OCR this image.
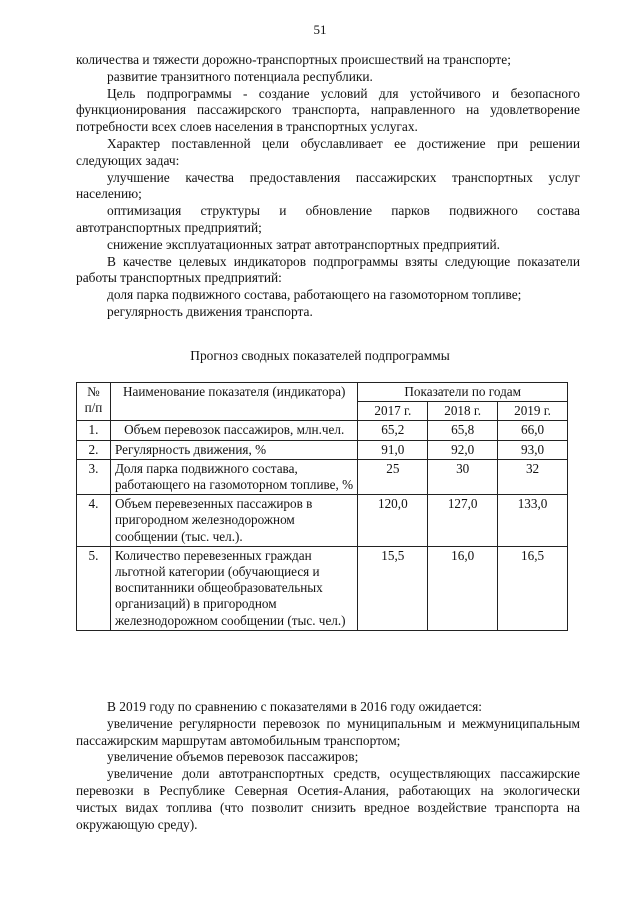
51

количества и тяжести дорожно-транспортных происшествий на транспорте;

развитие транзитного потенциала республики.

Цель подпрограммы - создание условий для устойчивого и безопасного функционирования пассажирского транспорта, направленного на удовлетворение потребности всех слоев населения в транспортных услугах.

Характер поставленной цели обуславливает ее достижение при решении следующих задач:

улучшение качества предоставления пассажирских транспортных услуг населению;

оптимизация структуры и обновление парков подвижного состава автотранспортных предприятий;

снижение эксплуатационных затрат автотранспортных предприятий.

В качестве целевых индикаторов подпрограммы взяты следующие показатели работы транспортных предприятий:

доля парка подвижного состава, работающего на газомоторном топливе;

регулярность движения транспорта.

Прогноз сводных показателей подпрограммы
№ п/п	Наименование показателя (индикатора)	Показатели по годам		
		2017 г.	2018 г.	2019 г.
1.	Объем перевозок пассажиров, млн.чел.	65,2	65,8	66,0
2.	Регулярность движения, %	91,0	92,0	93,0
3.	Доля парка подвижного состава, работающего на газомоторном топливе, %	25	30	32
4.	Объем перевезенных пассажиров в пригородном железнодорожном сообщении (тыс. чел.).	120,0	127,0	133,0
5.	Количество перевезенных граждан льготной категории (обучающиеся и воспитанники общеобразовательных организаций) в пригородном железнодорожном сообщении (тыс. чел.)	15,5	16,0	16,5

В 2019 году по сравнению с показателями в 2016 году ожидается:

увеличение регулярности перевозок по муниципальным и межмуниципальным пассажирским маршрутам автомобильным транспортом;

увеличение объемов перевозок пассажиров;

увеличение доли автотранспортных средств, осуществляющих пассажирские перевозки в Республике Северная Осетия-Алания, работающих на экологически чистых видах топлива (что позволит снизить вредное воздействие транспорта на окружающую среду).
